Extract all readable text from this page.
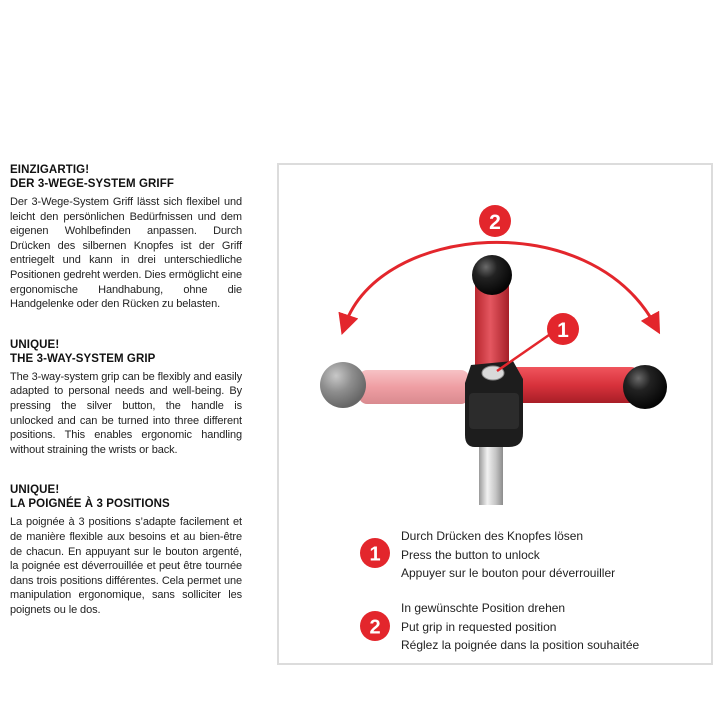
EINZIGARTIG!

DER 3-WEGE-SYSTEM GRIFF

Der 3-Wege-System Griff lässt sich flexibel und leicht den persönlichen Bedürfnissen und dem eigenen Wohlbefinden anpassen. Durch Drücken des silbernen Knopfes ist der Griff entriegelt und kann in drei unterschiedliche Positionen gedreht werden. Dies ermöglicht eine ergonomische Handhabung, ohne die Handgelenke oder den Rücken zu belasten.

UNIQUE!

THE 3-WAY-SYSTEM GRIP

The 3-way-system grip can be flexibly and easily adapted to personal needs and well-being. By pressing the silver button, the handle is unlocked and can be turned into three different positions. This enables ergonomic handling without straining the wrists or back.

UNIQUE!

LA POIGNÉE À 3 POSITIONS

La poignée à 3 positions s’adapte facilement et de manière flexible aux besoins et au bien-être de chacun. En appuyant sur le bouton argenté, la poignée est déverrouillée et peut être tournée dans trois positions différentes. Cela permet une manipulation ergonomique, sans solliciter les poignets ou le dos.

2
1
1
Durch Drücken des Knopfes lösen
Press the button to unlock
Appuyer sur le bouton pour déverrouiller
2
In gewünschte Position drehen
Put grip in requested position
Réglez la poignée dans la position souhaitée
